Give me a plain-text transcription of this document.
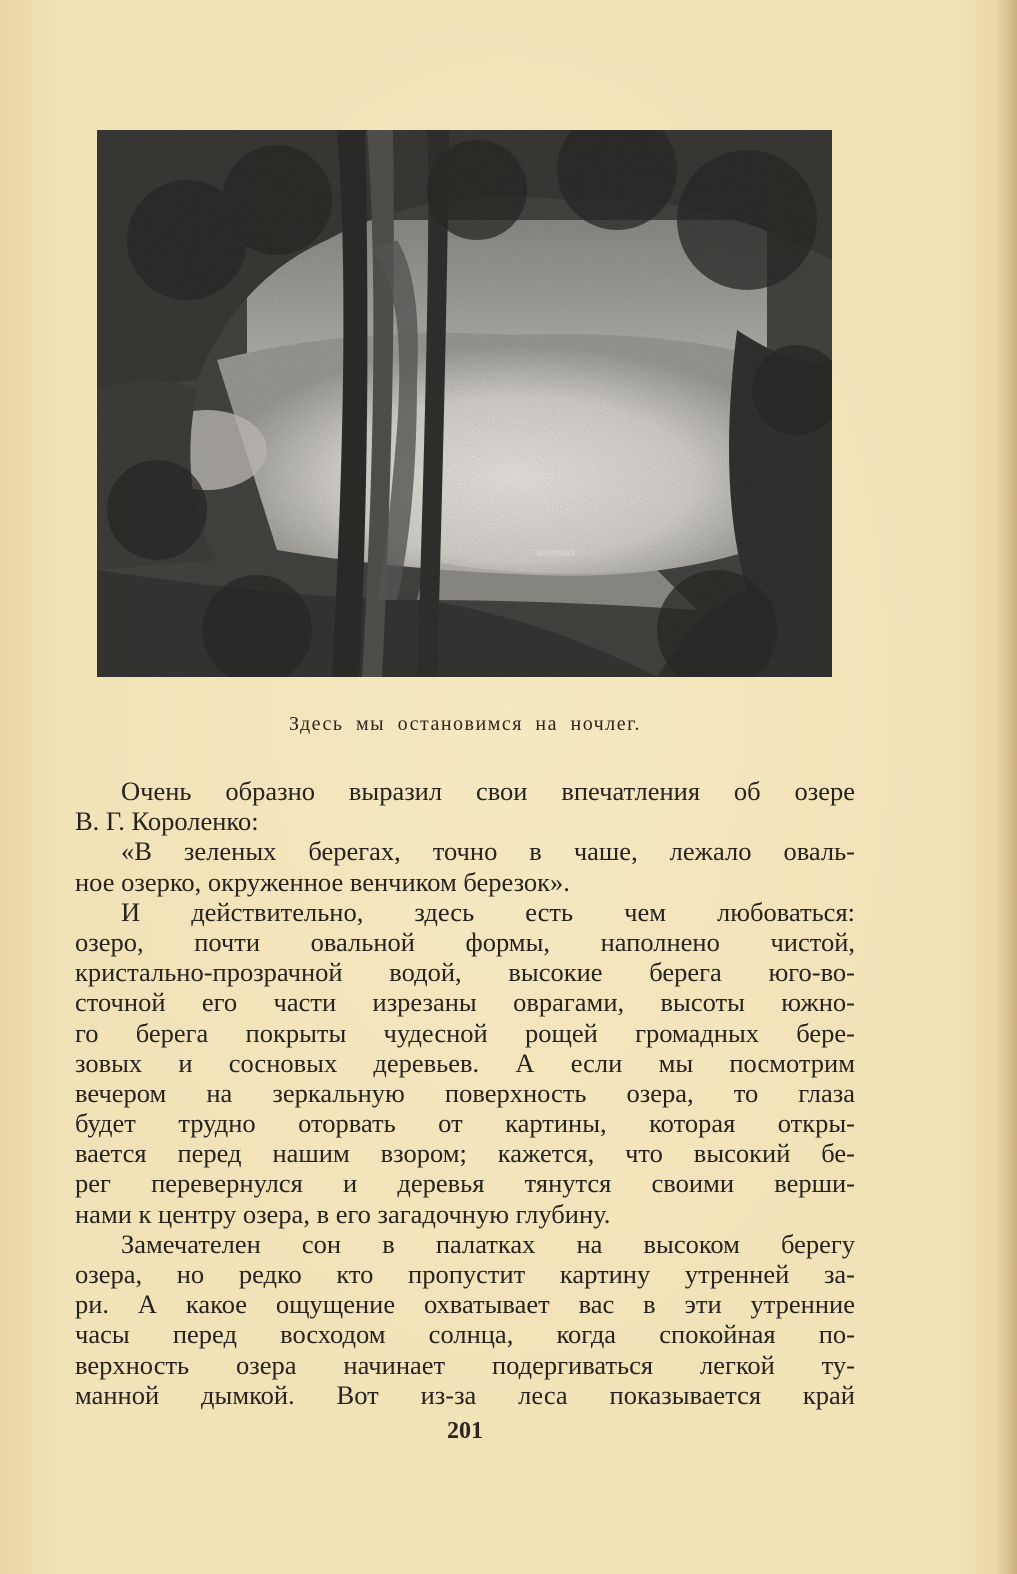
Здесь мы остановимся на ночлег.
Очень образно выразил свои впечатления об озере
В. Г. Короленко:
«В зеленых берегах, точно в чаше, лежало оваль-
ное озерко, окруженное венчиком березок».
И действительно, здесь есть чем любоваться:
озеро, почти овальной формы, наполнено чистой,
кристально-прозрачной водой, высокие берега юго-во-
сточной его части изрезаны оврагами, высоты южно-
го берега покрыты чудесной рощей громадных бере-
зовых и сосновых деревьев. А если мы посмотрим
вечером на зеркальную поверхность озера, то глаза
будет трудно оторвать от картины, которая откры-
вается перед нашим взором; кажется, что высокий бе-
рег перевернулся и деревья тянутся своими верши-
нами к центру озера, в его загадочную глубину.
Замечателен сон в палатках на высоком берегу
озера, но редко кто пропустит картину утренней за-
ри. А какое ощущение охватывает вас в эти утренние
часы перед восходом солнца, когда спокойная по-
верхность озера начинает подергиваться легкой ту-
манной дымкой. Вот из-за леса показывается край
201
